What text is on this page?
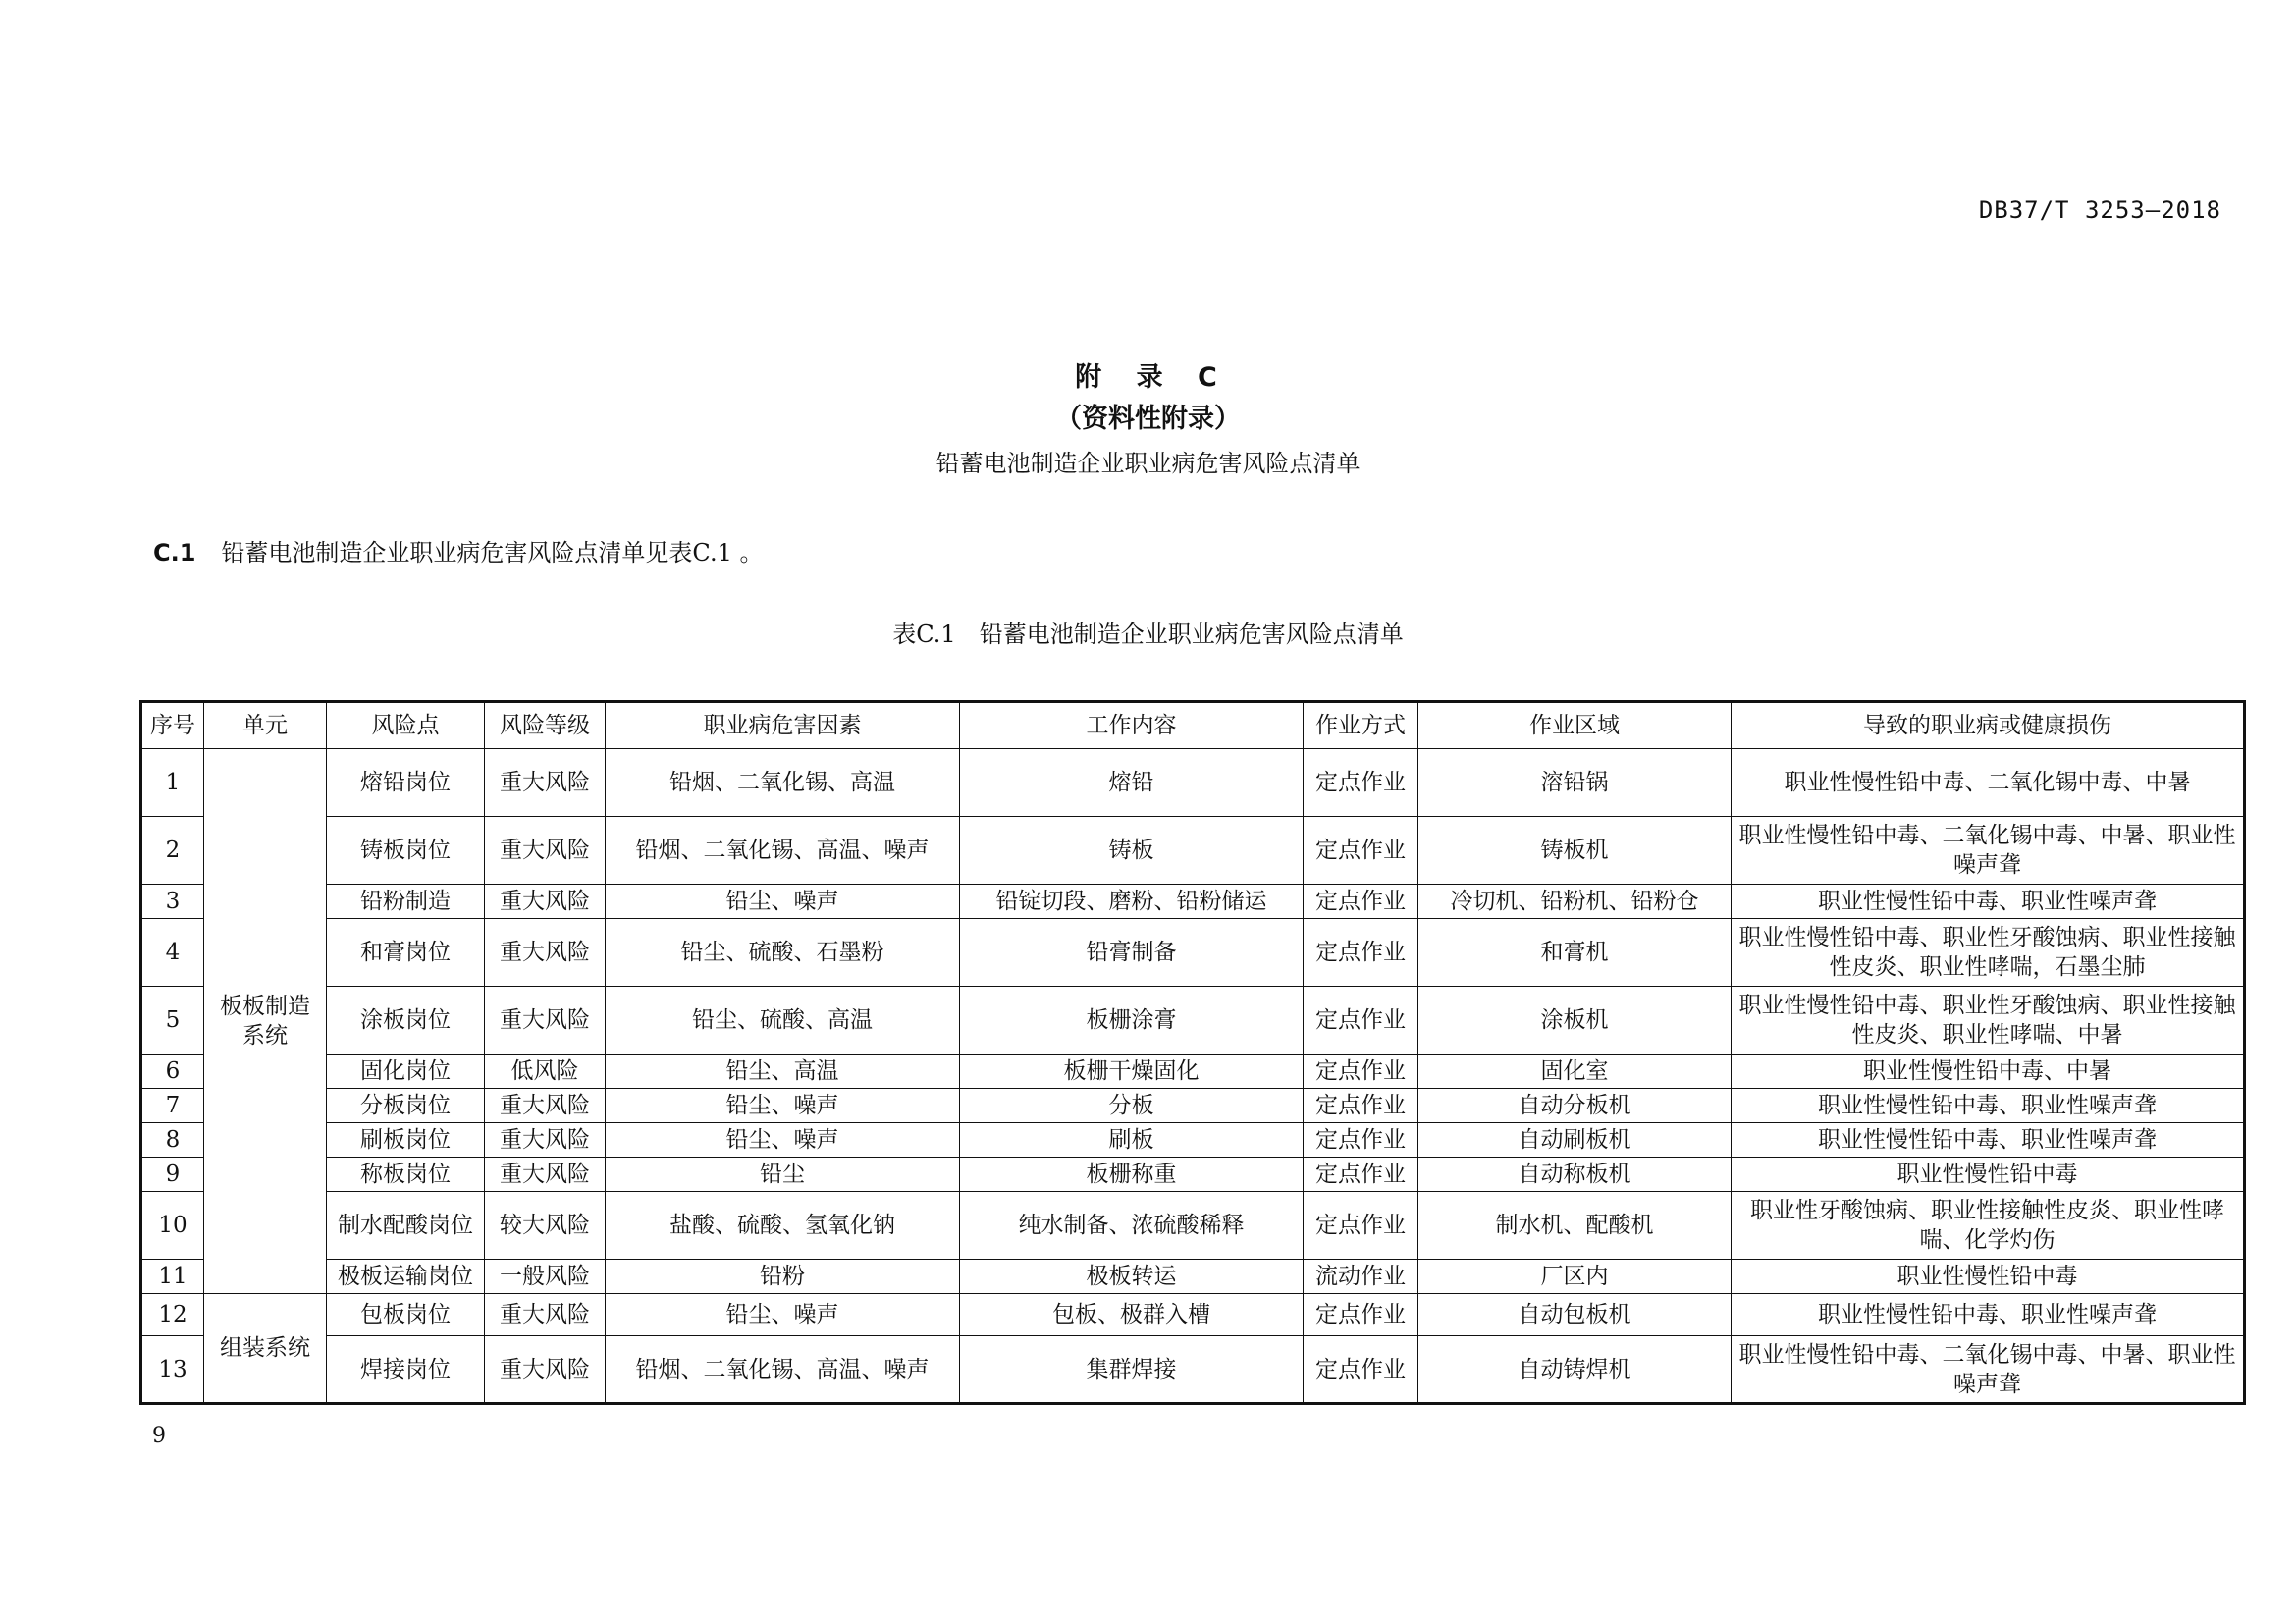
DB37/T 3253—2018
附 录 C
（资料性附录）
铅蓄电池制造企业职业病危害风险点清单
C.1 铅蓄电池制造企业职业病危害风险点清单见表C.1 。
表C.1 铅蓄电池制造企业职业病危害风险点清单
序号	单元	风险点	风险等级	职业病危害因素	工作内容	作业方式	作业区域	导致的职业病或健康损伤
1	板板制造系统	熔铅岗位	重大风险	铅烟、二氧化锡、高温	熔铅	定点作业	溶铅锅	职业性慢性铅中毒、二氧化锡中毒、中暑
2		铸板岗位	重大风险	铅烟、二氧化锡、高温、噪声	铸板	定点作业	铸板机	职业性慢性铅中毒、二氧化锡中毒、中暑、职业性噪声聋
3		铅粉制造	重大风险	铅尘、噪声	铅锭切段、磨粉、铅粉储运	定点作业	冷切机、铅粉机、铅粉仓	职业性慢性铅中毒、职业性噪声聋
4		和膏岗位	重大风险	铅尘、硫酸、石墨粉	铅膏制备	定点作业	和膏机	职业性慢性铅中毒、职业性牙酸蚀病、职业性接触性皮炎、职业性哮喘，石墨尘肺
5		涂板岗位	重大风险	铅尘、硫酸、高温	板栅涂膏	定点作业	涂板机	职业性慢性铅中毒、职业性牙酸蚀病、职业性接触性皮炎、职业性哮喘、中暑
6		固化岗位	低风险	铅尘、高温	板栅干燥固化	定点作业	固化室	职业性慢性铅中毒、中暑
7		分板岗位	重大风险	铅尘、噪声	分板	定点作业	自动分板机	职业性慢性铅中毒、职业性噪声聋
8		刷板岗位	重大风险	铅尘、噪声	刷板	定点作业	自动刷板机	职业性慢性铅中毒、职业性噪声聋
9		称板岗位	重大风险	铅尘	板栅称重	定点作业	自动称板机	职业性慢性铅中毒
10		制水配酸岗位	较大风险	盐酸、硫酸、氢氧化钠	纯水制备、浓硫酸稀释	定点作业	制水机、配酸机	职业性牙酸蚀病、职业性接触性皮炎、职业性哮喘、化学灼伤
11		极板运输岗位	一般风险	铅粉	极板转运	流动作业	厂区内	职业性慢性铅中毒
12	组装系统	包板岗位	重大风险	铅尘、噪声	包板、极群入槽	定点作业	自动包板机	职业性慢性铅中毒、职业性噪声聋
13		焊接岗位	重大风险	铅烟、二氧化锡、高温、噪声	集群焊接	定点作业	自动铸焊机	职业性慢性铅中毒、二氧化锡中毒、中暑、职业性噪声聋
9
